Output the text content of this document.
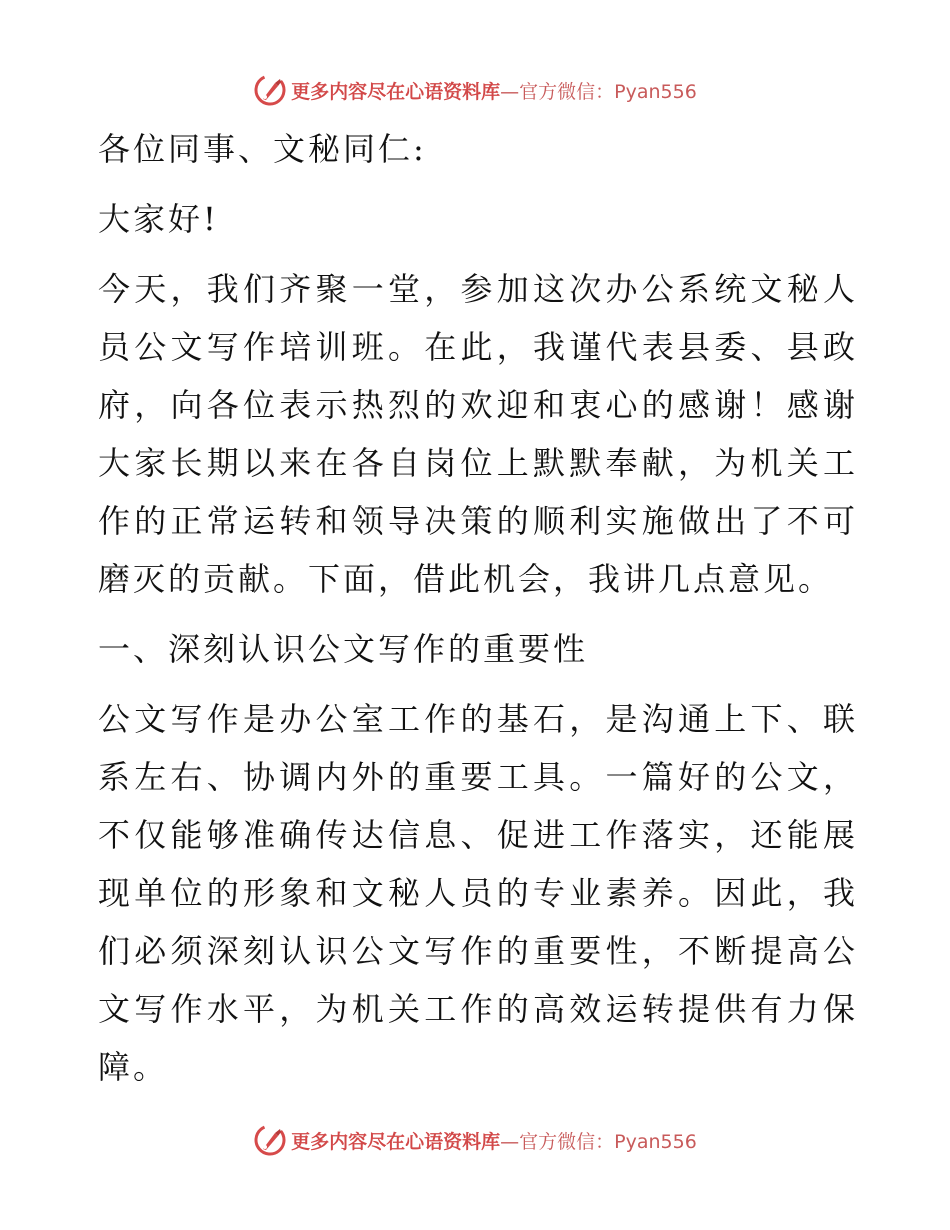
更多内容尽在心语资料库—官方微信：Pyan556

各位同事、文秘同仁:

大家好!

今天，我们齐聚一堂，参加这次办公系统文秘人员公文写作培训班。在此，我谨代表县委、县政府，向各位表示热烈的欢迎和衷心的感谢！感谢大家长期以来在各自岗位上默默奉献，为机关工作的正常运转和领导决策的顺利实施做出了不可磨灭的贡献。下面，借此机会，我讲几点意见。

一、深刻认识公文写作的重要性

公文写作是办公室工作的基石，是沟通上下、联系左右、协调内外的重要工具。一篇好的公文，不仅能够准确传达信息、促进工作落实，还能展现单位的形象和文秘人员的专业素养。因此，我们必须深刻认识公文写作的重要性，不断提高公文写作水平，为机关工作的高效运转提供有力保障。

更多内容尽在心语资料库—官方微信：Pyan556
